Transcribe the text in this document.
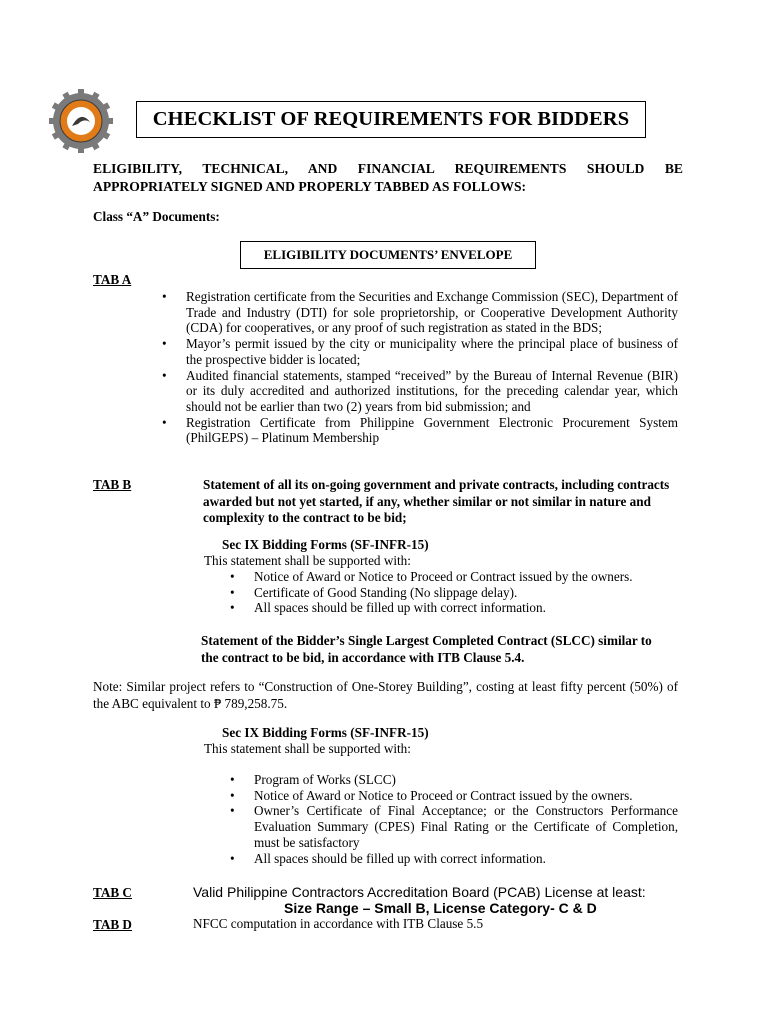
CHECKLIST OF REQUIREMENTS FOR BIDDERS
ELIGIBILITY, TECHNICAL, AND FINANCIAL REQUIREMENTS SHOULD BE APPROPRIATELY SIGNED AND PROPERLY TABBED AS FOLLOWS:
Class “A” Documents:
ELIGIBILITY DOCUMENTS’ ENVELOPE
TAB A
• Registration certificate from the Securities and Exchange Commission (SEC), Department of Trade and Industry (DTI) for sole proprietorship, or Cooperative Development Authority (CDA) for cooperatives, or any proof of such registration as stated in the BDS;
• Mayor’s permit issued by the city or municipality where the principal place of business of the prospective bidder is located;
• Audited financial statements, stamped “received” by the Bureau of Internal Revenue (BIR) or its duly accredited and authorized institutions, for the preceding calendar year, which should not be earlier than two (2) years from bid submission; and
• Registration Certificate from Philippine Government Electronic Procurement System (PhilGEPS) – Platinum Membership
TAB B	Statement of all its on-going government and private contracts, including contracts awarded but not yet started, if any, whether similar or not similar in nature and complexity to the contract to be bid;
Sec IX Bidding Forms (SF-INFR-15)
This statement shall be supported with:
• Notice of Award or Notice to Proceed or Contract issued by the owners.
• Certificate of Good Standing (No slippage delay).
• All spaces should be filled up with correct information.
Statement of the Bidder’s Single Largest Completed Contract (SLCC) similar to the contract to be bid, in accordance with ITB Clause 5.4.
Note: Similar project refers to “Construction of One-Storey Building”, costing at least fifty percent (50%) of the ABC equivalent to ₱ 789,258.75.
Sec IX Bidding Forms (SF-INFR-15)
This statement shall be supported with:
• Program of Works (SLCC)
• Notice of Award or Notice to Proceed or Contract issued by the owners.
• Owner’s Certificate of Final Acceptance; or the Constructors Performance Evaluation Summary (CPES) Final Rating or the Certificate of Completion, must be satisfactory
• All spaces should be filled up with correct information.
TAB C	Valid Philippine Contractors Accreditation Board (PCAB) License at least:
Size Range – Small B, License Category- C & D
TAB D	NFCC computation in accordance with ITB Clause 5.5
